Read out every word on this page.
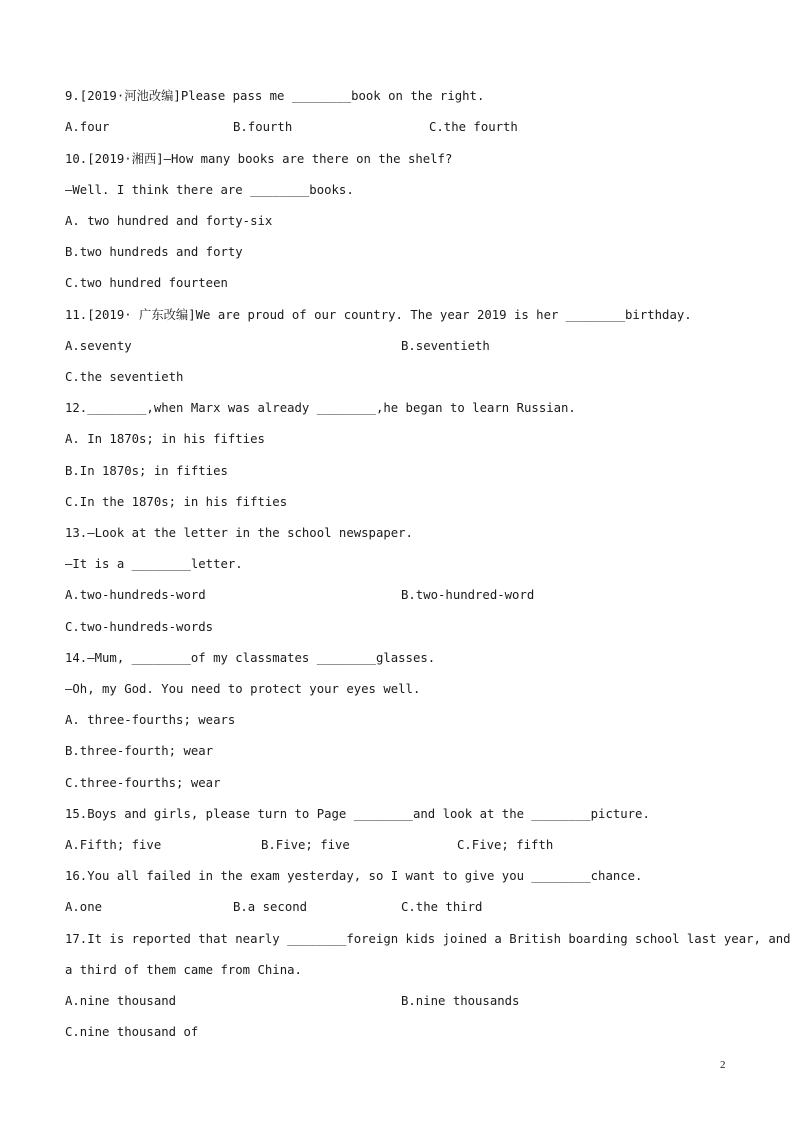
9.[2019·河池改编]Please pass me ________book on the right.
A.four	B.fourth	C.the fourth
10.[2019·湘西]—How many books are there on the shelf?
—Well. I think there are ________books.
A. two hundred and forty-six
B.two hundreds and forty
C.two hundred fourteen
11.[2019· 广东改编]We are proud of our country. The year 2019 is her ________birthday.
A.seventy	B.seventieth
C.the seventieth
12.________,when Marx was already ________,he began to learn Russian.
A. In 1870s; in his fifties
B.In 1870s; in fifties
C.In the 1870s; in his fifties
13.—Look at the letter in the school newspaper.
—It is a ________letter.
A.two-hundreds-word	B.two-hundred-word
C.two-hundreds-words
14.—Mum, ________of my classmates ________glasses.
—Oh, my God. You need to protect your eyes well.
A. three-fourths; wears
B.three-fourth; wear
C.three-fourths; wear
15.Boys and girls, please turn to Page ________and look at the ________picture.
A.Fifth; five	B.Five; five	C.Five; fifth
16.You all failed in the exam yesterday, so I want to give you ________chance.
A.one	B.a second	C.the third
17.It is reported that nearly ________foreign kids joined a British boarding school last year, and
a third of them came from China.
A.nine thousand	B.nine thousands
C.nine thousand of
2
